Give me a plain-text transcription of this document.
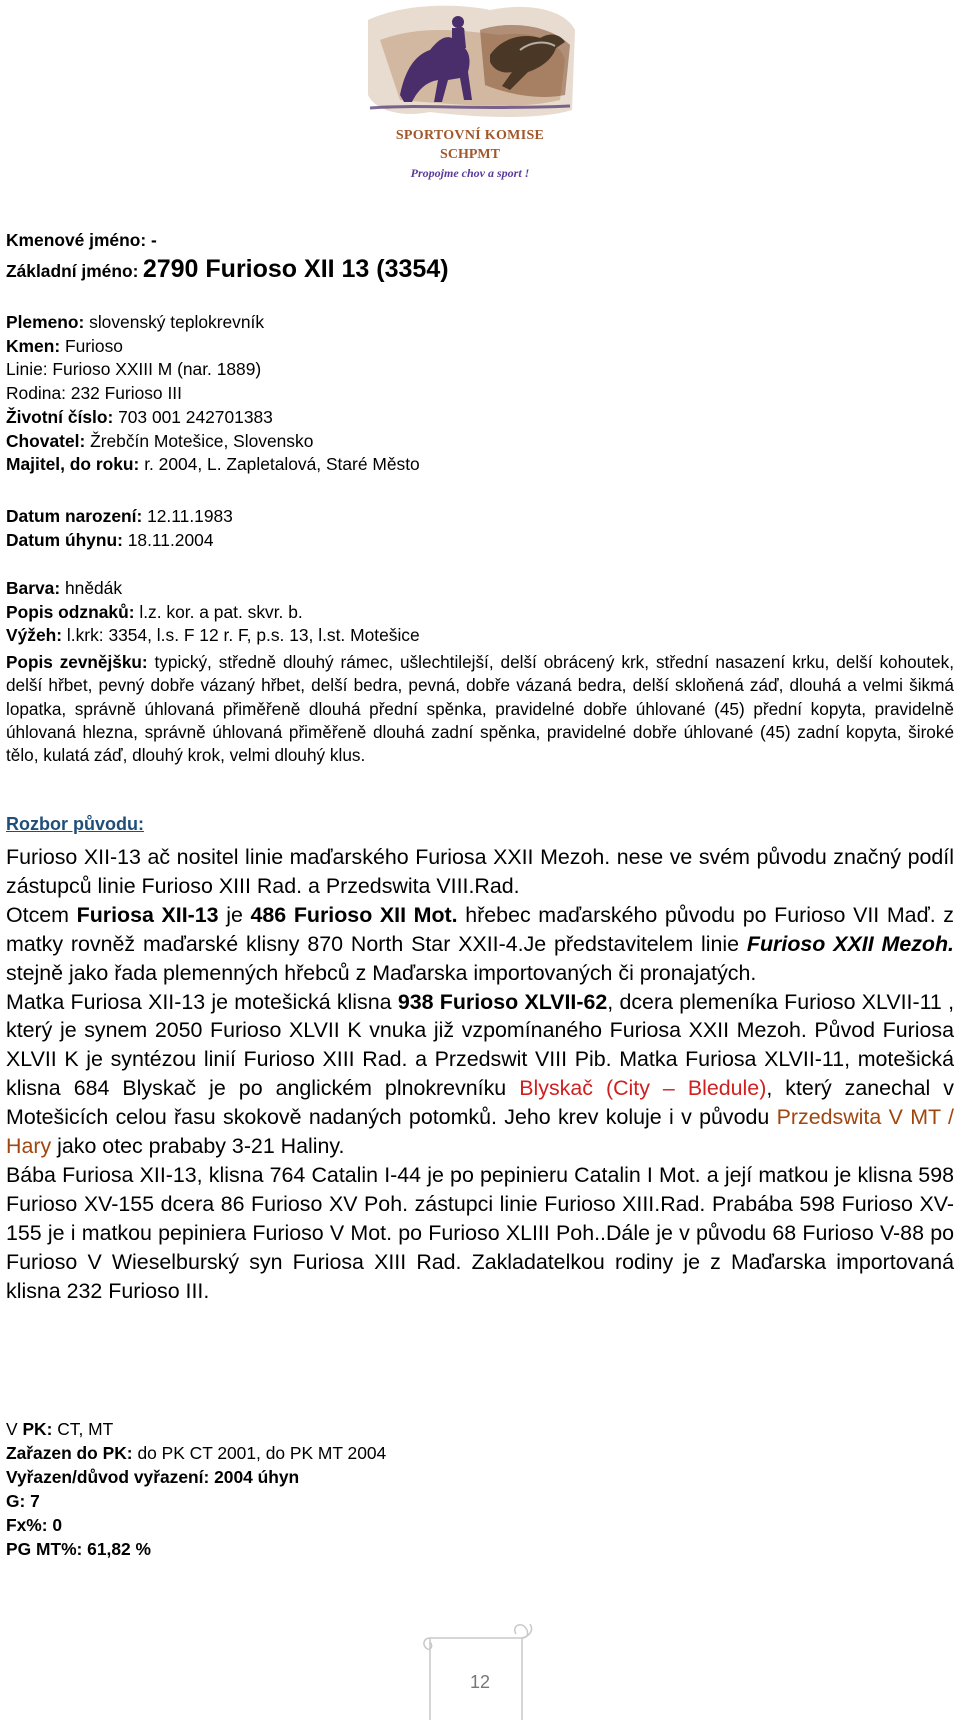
SPORTOVNÍ KOMISE
SCHPMT
Propojme chov a sport !
Kmenové jméno: -
Základní jméno: 2790 Furioso XII 13 (3354)
Plemeno: slovenský teplokrevník
Kmen: Furioso
Linie: Furioso XXIII M (nar. 1889)
Rodina: 232 Furioso III
Životní číslo: 703 001 242701383
Chovatel: Žrebčín Motešice, Slovensko
Majitel, do roku: r. 2004, L. Zapletalová, Staré Město
Datum narození: 12.11.1983
Datum úhynu: 18.11.2004
Barva: hnědák
Popis odznaků: l.z. kor. a pat. skvr. b.
Výžeh: l.krk: 3354, l.s. F 12 r. F, p.s. 13, l.st. Motešice
Popis zevnějšku: typický, středně dlouhý rámec, ušlechtilejší, delší obrácený krk, střední nasazení krku, delší kohoutek, delší hřbet, pevný dobře vázaný hřbet, delší bedra, pevná, dobře vázaná bedra, delší skloňená záď, dlouhá a velmi šikmá lopatka, správně úhlovaná přiměřeně dlouhá přední spěnka, pravidelné dobře úhlované (45) přední kopyta, pravidelně úhlovaná hlezna, správně úhlovaná přiměřeně dlouhá zadní spěnka, pravidelné dobře úhlované (45) zadní kopyta, široké tělo, kulatá záď, dlouhý krok, velmi dlouhý klus.
Rozbor původu:

Furioso XII-13 ač nositel linie maďarského Furiosa XXII Mezoh. nese ve svém původu značný podíl zástupců linie Furioso XIII Rad. a Przedswita VIII.Rad.

Otcem Furiosa XII-13 je 486 Furioso XII Mot. hřebec maďarského původu po Furioso VII Maď. z matky rovněž maďarské klisny 870 North Star XXII-4.Je představitelem linie Furioso XXII Mezoh. stejně jako řada plemenných hřebců z Maďarska importovaných či pronajatých.

Matka Furiosa XII-13 je motešická klisna 938 Furioso XLVII-62, dcera plemeníka Furioso XLVII-11 , který je synem 2050 Furioso XLVII K vnuka již vzpomínaného Furiosa XXII Mezoh. Původ Furiosa XLVII K je syntézou linií Furioso XIII Rad. a Przedswit VIII Pib. Matka Furiosa XLVII-11, motešická klisna 684 Blyskač je po anglickém plnokrevníku Blyskač (City – Bledule), který zanechal v Motešicích celou řasu skokově nadaných potomků. Jeho krev koluje i v původu Przedswita V MT / Hary jako otec prababy 3-21 Haliny.

Bába Furiosa XII-13, klisna 764 Catalin I-44 je po pepinieru Catalin I Mot. a její matkou je klisna 598 Furioso XV-155 dcera 86 Furioso XV Poh. zástupci linie Furioso XIII.Rad. Prabába 598 Furioso XV-155 je i matkou pepiniera Furioso V Mot. po Furioso XLIII Poh..Dále je v původu 68 Furioso V-88 po Furioso V Wieselburský syn Furiosa XIII Rad. Zakladatelkou rodiny je z Maďarska importovaná klisna 232 Furioso III.

V PK: CT, MT
Zařazen do PK: do PK CT 2001, do PK MT 2004
Vyřazen/důvod vyřazení: 2004 úhyn
G: 7
Fx%: 0
PG MT%: 61,82 %
12
